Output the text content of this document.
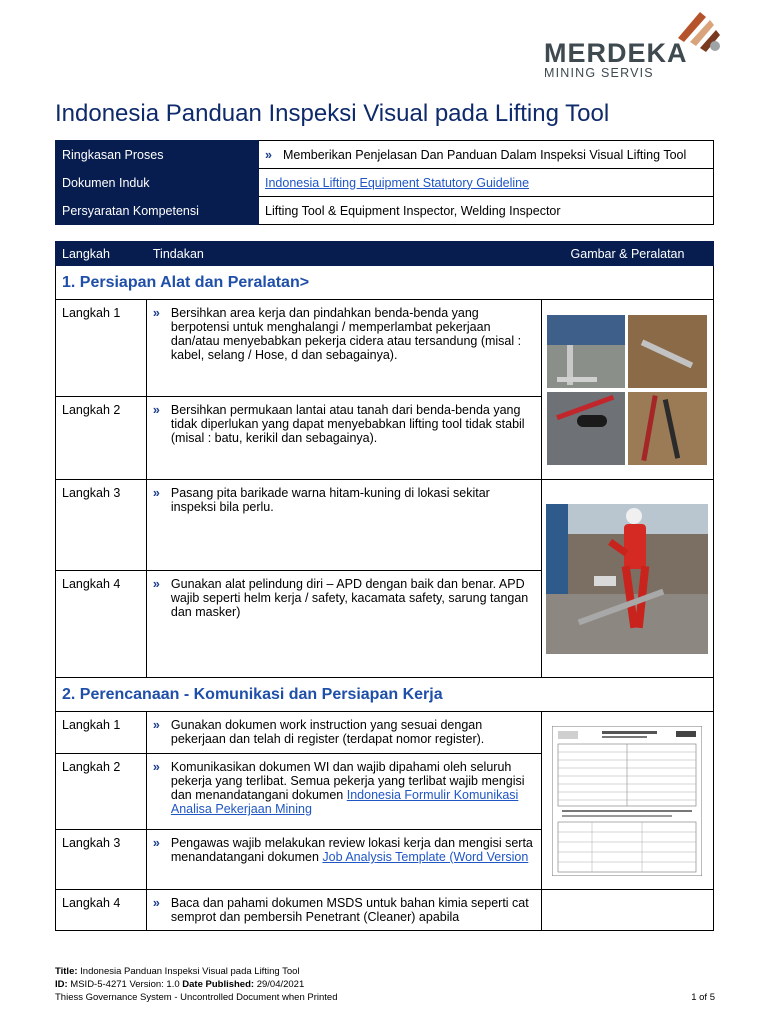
MERDEKA
MINING SERVIS
Indonesia Panduan Inspeksi Visual pada Lifting Tool
Ringkasan Proses	» Memberikan Penjelasan Dan Panduan Dalam Inspeksi Visual Lifting Tool
Dokumen Induk	Indonesia Lifting Equipment Statutory Guideline
Persyaratan Kompetensi	Lifting Tool & Equipment Inspector, Welding Inspector
Langkah	Tindakan	Gambar & Peralatan
1. Persiapan Alat dan Peralatan>		
Langkah 1	» Bersihkan area kerja dan pindahkan benda-benda yang berpotensi untuk menghalangi / memperlambat pekerjaan dan/atau menyebabkan pekerja cidera atau tersandung (misal : kabel, selang / Hose, d dan sebagainya).

Langkah 2	» Bersihkan permukaan lantai atau tanah dari benda-benda yang tidak diperlukan yang dapat menyebabkan lifting tool tidak stabil (misal : batu, kerikil dan sebagainya).	

Langkah 3	» Pasang pita barikade warna hitam-kuning di lokasi sekitar inspeksi bila perlu.

Langkah 4	» Gunakan alat pelindung diri – APD dengan baik dan benar. APD wajib seperti helm kerja / safety, kacamata safety, sarung tangan dan masker)	

2. Perencanaan - Komunikasi dan Persiapan Kerja		
Langkah 1	» Gunakan dokumen work instruction yang sesuai dengan pekerjaan dan telah di register (terdapat nomor register).

Langkah 2	» Komunikasikan dokumen WI dan wajib dipahami oleh seluruh pekerja yang terlibat. Semua pekerja yang terlibat wajib mengisi dan menandatangani dokumen Indonesia Formulir Komunikasi Analisa Pekerjaan Mining	

Langkah 3	» Pengawas wajib melakukan review lokasi kerja dan mengisi serta menandatangani dokumen Job Analysis Template (Word Version	

Langkah 4	» Baca dan pahami dokumen MSDS untuk bahan kimia seperti cat semprot dan pembersih Penetrant (Cleaner) apabila	

Title: Indonesia Panduan Inspeksi Visual pada Lifting Tool
ID: MSID-5-4271 Version: 1.0 Date Published: 29/04/2021
Thiess Governance System - Uncontrolled Document when Printed	1 of 5
